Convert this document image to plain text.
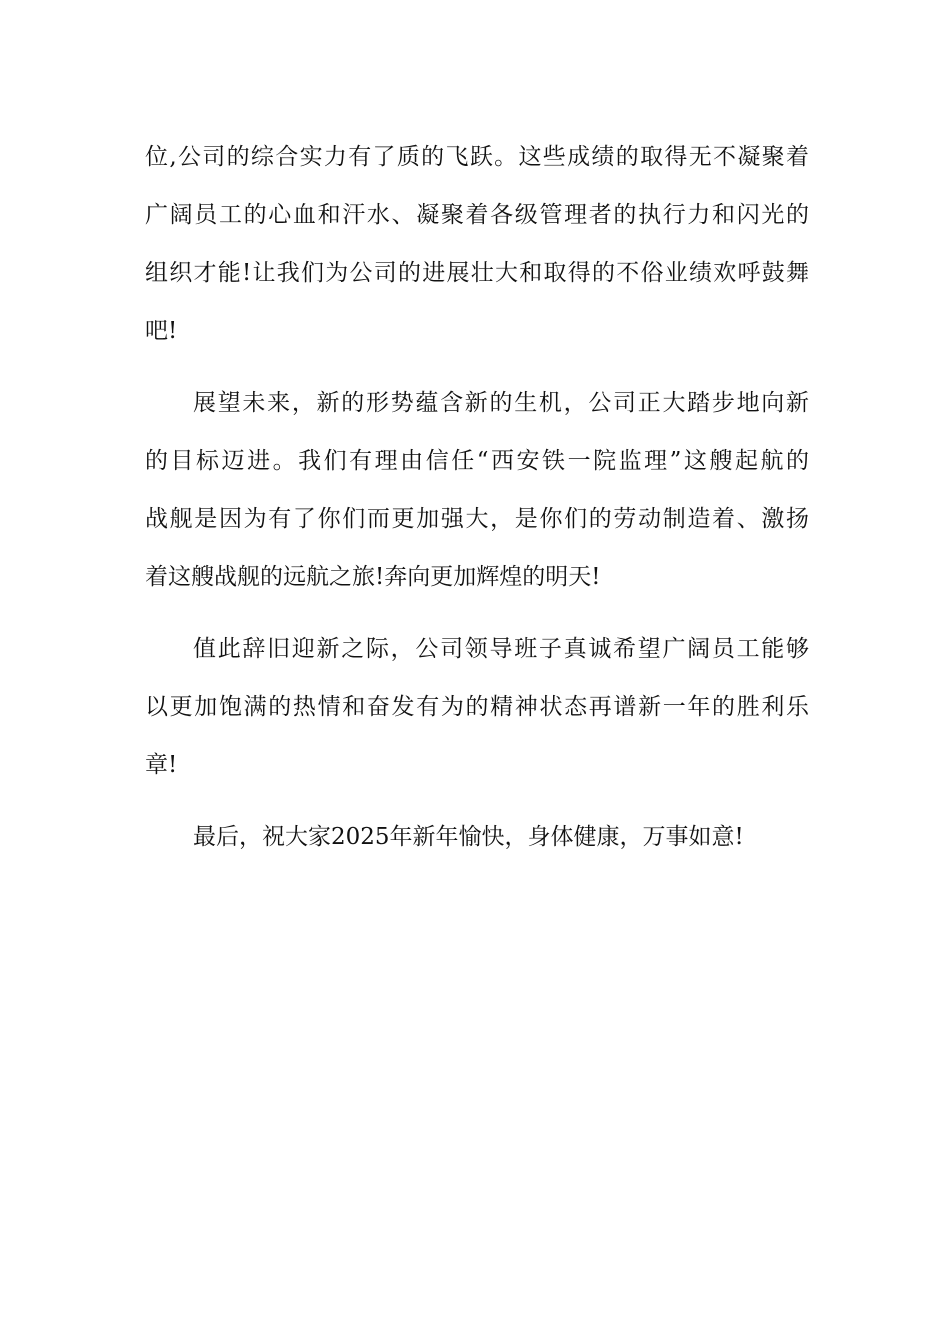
位,公司的综合实力有了质的飞跃。这些成绩的取得无不凝聚着
广阔员工的心血和汗水、凝聚着各级管理者的执行力和闪光的
组织才能!让我们为公司的进展壮大和取得的不俗业绩欢呼鼓舞
吧!
展望未来，新的形势蕴含新的生机，公司正大踏步地向新
的目标迈进。我们有理由信任“西安铁一院监理”这艘起航的
战舰是因为有了你们而更加强大，是你们的劳动制造着、激扬
着这艘战舰的远航之旅!奔向更加辉煌的明天!
值此辞旧迎新之际，公司领导班子真诚希望广阔员工能够
以更加饱满的热情和奋发有为的精神状态再谱新一年的胜利乐
章!
最后，祝大家2025年新年愉快，身体健康，万事如意!
